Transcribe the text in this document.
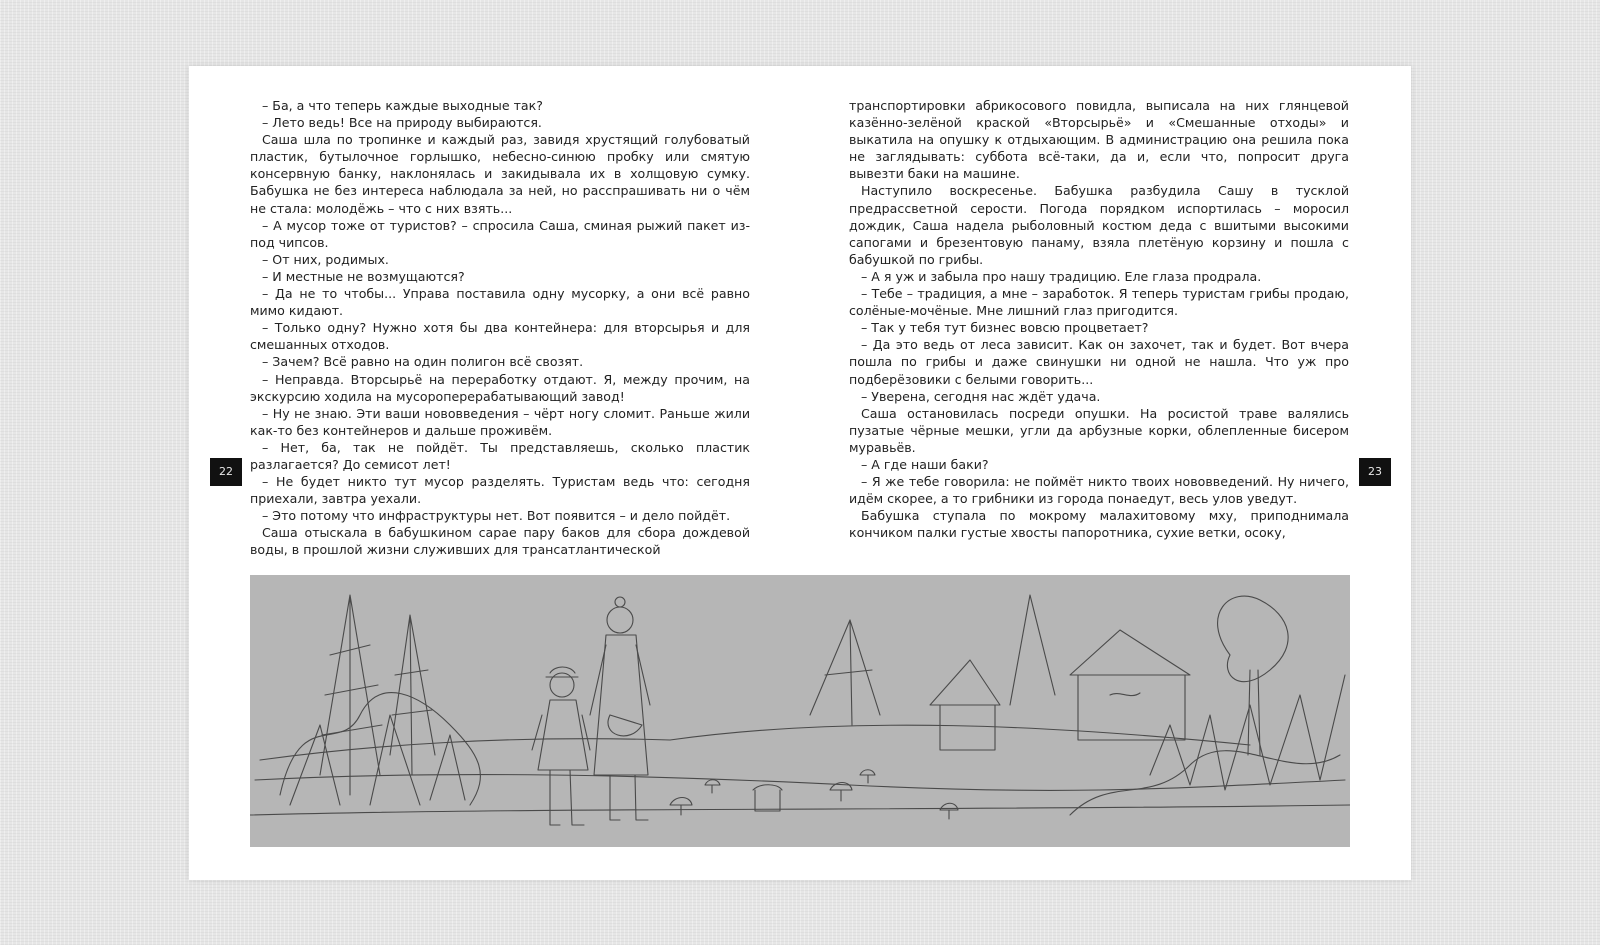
– Ба, а что теперь каждые выходные так?

– Лето ведь! Все на природу выбираются.

Саша шла по тропинке и каждый раз, завидя хрустящий голубоватый пластик, бутылочное горлышко, небесно-синюю пробку или смятую консервную банку, наклонялась и закидывала их в холщовую сумку. Бабушка не без интереса наблюдала за ней, но расспрашивать ни о чём не стала: молодёжь – что с них взять...

– А мусор тоже от туристов? – спросила Саша, сминая рыжий пакет из-под чипсов.

– От них, родимых.

– И местные не возмущаются?

– Да не то чтобы... Управа поставила одну мусорку, а они всё равно мимо кидают.

– Только одну? Нужно хотя бы два контейнера: для вторсырья и для смешанных отходов.

– Зачем? Всё равно на один полигон всё свозят.

– Неправда. Вторсырьё на переработку отдают. Я, между прочим, на экскурсию ходила на мусороперерабатывающий завод!

– Ну не знаю. Эти ваши нововведения – чёрт ногу сломит. Раньше жили как-то без контейнеров и дальше проживём.

– Нет, ба, так не пойдёт. Ты представляешь, сколько пластик разлагается? До семисот лет!

– Не будет никто тут мусор разделять. Туристам ведь что: сегодня приехали, завтра уехали.

– Это потому что инфраструктуры нет. Вот появится – и дело пойдёт.

Саша отыскала в бабушкином сарае пару баков для сбора дождевой воды, в прошлой жизни служивших для трансатлантической

22

транспортировки абрикосового повидла, выписала на них глянцевой казённо-зелёной краской «Вторсырьё» и «Смешанные отходы» и выкатила на опушку к отдыхающим. В администрацию она решила пока не заглядывать: суббота всё-таки, да и, если что, попросит друга вывезти баки на машине.

Наступило воскресенье. Бабушка разбудила Сашу в тусклой предрассветной серости. Погода порядком испортилась – моросил дождик, Саша надела рыболовный костюм деда с вшитыми высокими сапогами и брезентовую панаму, взяла плетёную корзину и пошла с бабушкой по грибы.

– А я уж и забыла про нашу традицию. Еле глаза продрала.

– Тебе – традиция, а мне – заработок. Я теперь туристам грибы продаю, солёные-мочёные. Мне лишний глаз пригодится.

– Так у тебя тут бизнес вовсю процветает?

– Да это ведь от леса зависит. Как он захочет, так и будет. Вот вчера пошла по грибы и даже свинушки ни одной не нашла. Что уж про подберёзовики с белыми говорить...

– Уверена, сегодня нас ждёт удача.

Саша остановилась посреди опушки. На росистой траве валялись пузатые чёрные мешки, угли да арбузные корки, облепленные бисером муравьёв.

– А где наши баки?

– Я же тебе говорила: не поймёт никто твоих нововведений. Ну ничего, идём скорее, а то грибники из города понаедут, весь улов уведут.

Бабушка ступала по мокрому малахитовому мху, приподнимала кончиком палки густые хвосты папоротника, сухие ветки, осоку,

23
